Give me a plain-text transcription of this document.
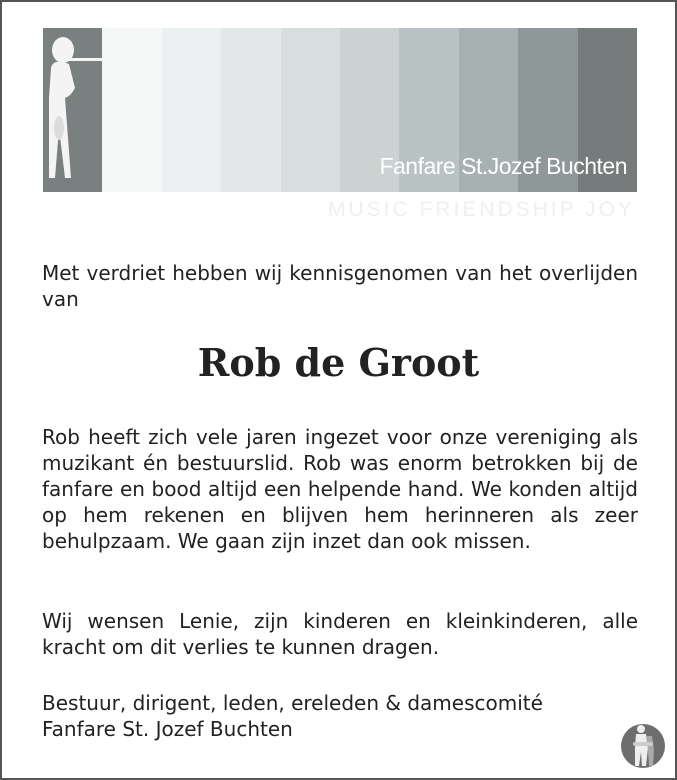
Fanfare St.Jozef Buchten
MUSIC FRIENDSHIP JOY
Met verdriet hebben wij kennisgenomen van het overlijden van
Rob de Groot
Rob heeft zich vele jaren ingezet voor onze vereniging als muzikant én bestuurslid. Rob was enorm betrokken bij de fanfare en bood altijd een helpende hand. We konden altijd op hem rekenen en blijven hem herinneren als zeer behulpzaam. We gaan zijn inzet dan ook missen.
Wij wensen Lenie, zijn kinderen en kleinkinderen, alle kracht om dit verlies te kunnen dragen.
Bestuur, dirigent, leden, ereleden & damescomité
Fanfare St. Jozef Buchten
